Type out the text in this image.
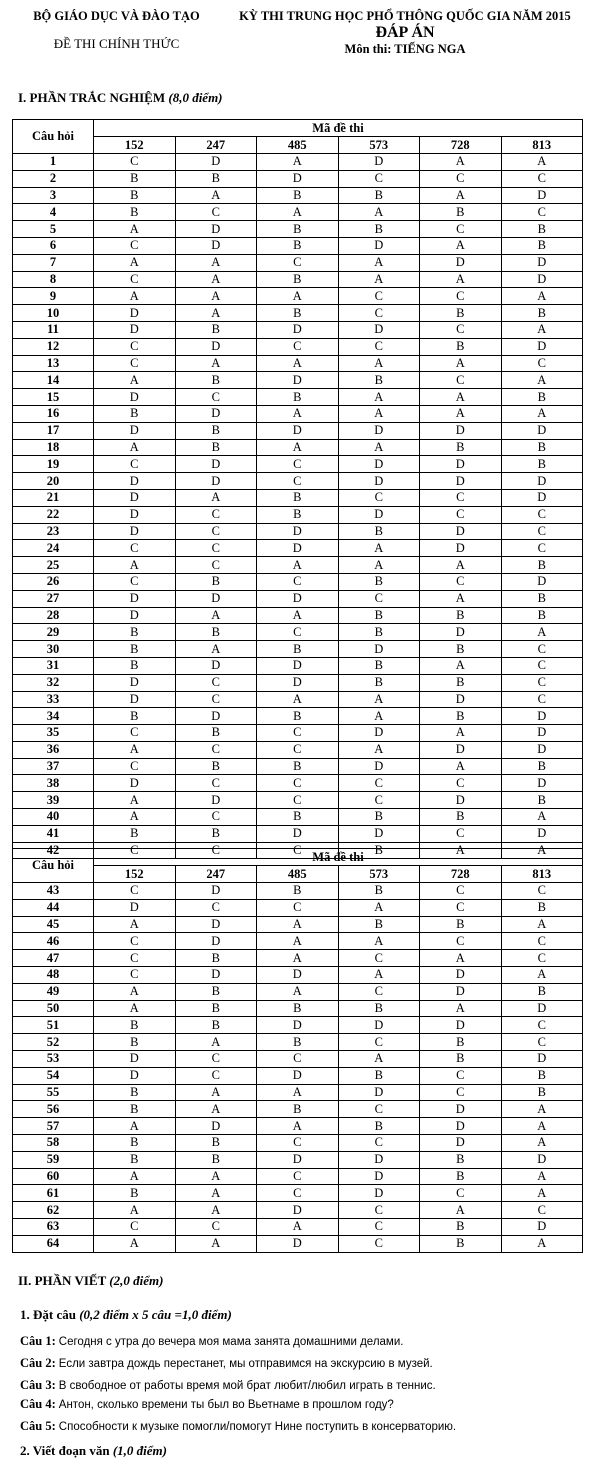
BỘ GIÁO DỤC VÀ ĐÀO TẠO
ĐỀ THI CHÍNH THỨC
KỲ THI TRUNG HỌC PHỔ THÔNG QUỐC GIA NĂM 2015
ĐÁP ÁN
Môn thi: TIẾNG NGA
I. PHẦN TRẮC NGHIỆM (8,0 điểm)
Câu hỏi	Mã đề thi					
	152	247	485	573	728	813
1	C	D	A	D	A	A
2	B	B	D	C	C	C
3	B	A	B	B	A	D
4	B	C	A	A	B	C
5	A	D	B	B	C	B
6	C	D	B	D	A	B
7	A	A	C	A	D	D
8	C	A	B	A	A	D
9	A	A	A	C	C	A
10	D	A	B	C	B	B
11	D	B	D	D	C	A
12	C	D	C	C	B	D
13	C	A	A	A	A	C
14	A	B	D	B	C	A
15	D	C	B	A	A	B
16	B	D	A	A	A	A
17	D	B	D	D	D	D
18	A	B	A	A	B	B
19	C	D	C	D	D	B
20	D	D	C	D	D	D
21	D	A	B	C	C	D
22	D	C	B	D	C	C
23	D	C	D	B	D	C
24	C	C	D	A	D	C
25	A	C	A	A	A	B
26	C	B	C	B	C	D
27	D	D	D	C	A	B
28	D	A	A	B	B	B
29	B	B	C	B	D	A
30	B	A	B	D	B	C
31	B	D	D	B	A	C
32	D	C	D	B	B	C
33	D	C	A	A	D	C
34	B	D	B	A	B	D
35	C	B	C	D	A	D
36	A	C	C	A	D	D
37	C	B	B	D	A	B
38	D	C	C	C	C	D
39	A	D	C	C	D	B
40	A	C	B	B	B	A
41	B	B	D	D	C	D
42	C	C	C	B	A	A
Câu hỏi	Mã đề thi					
	152	247	485	573	728	813
43	C	D	B	B	C	C
44	D	C	C	A	C	B
45	A	D	A	B	B	A
46	C	D	A	A	C	C
47	C	B	A	C	A	C
48	C	D	D	A	D	A
49	A	B	A	C	D	B
50	A	B	B	B	A	D
51	B	B	D	D	D	C
52	B	A	B	C	B	C
53	D	C	C	A	B	D
54	D	C	D	B	C	B
55	B	A	A	D	C	B
56	B	A	B	C	D	A
57	A	D	A	B	D	A
58	B	B	C	C	D	A
59	B	B	D	D	B	D
60	A	A	C	D	B	A
61	B	A	C	D	C	A
62	A	A	D	C	A	C
63	C	C	A	C	B	D
64	A	A	D	C	B	A
II. PHẦN VIẾT (2,0 điểm)
1. Đặt câu (0,2 điểm x 5 câu =1,0 điểm)
Câu 1: Сегодня с утра до вечера моя мама занята домашними делами.
Câu 2: Если завтра дождь перестанет, мы отправимся на экскурсию в музей.
Câu 3: В свободное от работы время мой брат любит/любил играть в теннис.
Câu 4: Антон, сколько времени ты был во Вьетнаме в прошлом году?
Câu 5: Способности к музыке помогли/помогут Нине поступить в консерваторию.
2. Viết đoạn văn (1,0 điểm)
